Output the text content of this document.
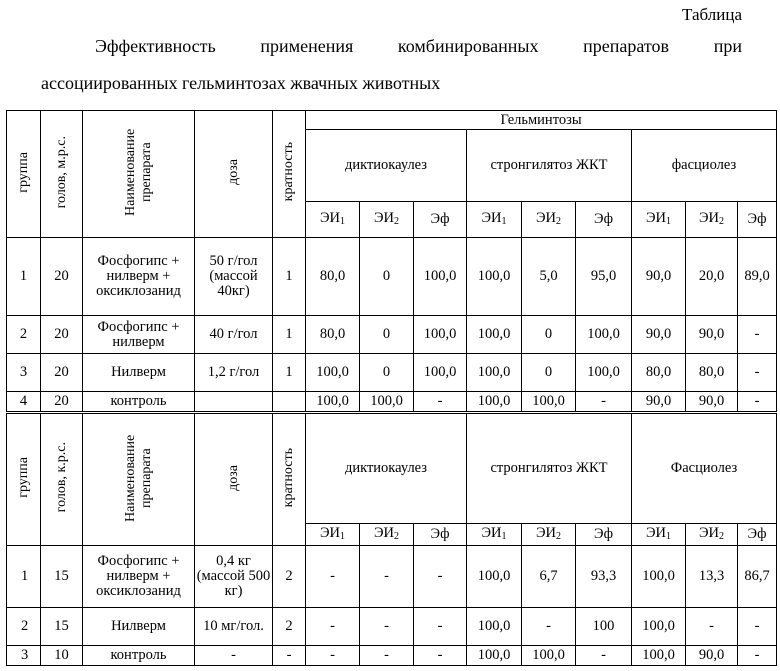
Таблица
Эффективность применения комбинированных препаратов при
ассоциированных гельминтозах жвачных животных
группа	голов, м.р.с.	Наименование препарата	доза	кратность	Гельминтозы								
					диктиокаулез			стронгилятоз ЖКТ			фасциолез		
					$ЭИ_1$	$ЭИ_2$	Эф	$ЭИ_1$	$ЭИ_2$	Эф	$ЭИ_1$	$ЭИ_2$	Эф
1	20	Фосфогипс + нилверм + оксиклозанид	50 г/гол (массой 40кг)	1	80,0	0	100,0	100,0	5,0	95,0	90,0	20,0	89,0
2	20	Фосфогипс + нилверм	40 г/гол	1	80,0	0	100,0	100,0	0	100,0	90,0	90,0	-
3	20	Нилверм	1,2 г/гол	1	100,0	0	100,0	100,0	0	100,0	80,0	80,0	-
4	20	контроль			100,0	100,0	-	100,0	100,0	-	90,0	90,0	-
группа	голов, к.р.с.	Наименование препарата	доза	кратность	диктиокаулез			стронгилятоз ЖКТ			Фасциолез		
					$ЭИ_1$	$ЭИ_2$	Эф	$ЭИ_1$	$ЭИ_2$	Эф	$ЭИ_1$	$ЭИ_2$	Эф
1	15	Фосфогипс + нилверм + оксиклозанид	0,4 кг (массой 500 кг)	2	-	-	-	100,0	6,7	93,3	100,0	13,3	86,7
2	15	Нилверм	10 мг/гол.	2	-	-	-	100,0	-	100	100,0	-	-
3	10	контроль	-	-	-	-	-	100,0	100,0	-	100,0	90,0	-
